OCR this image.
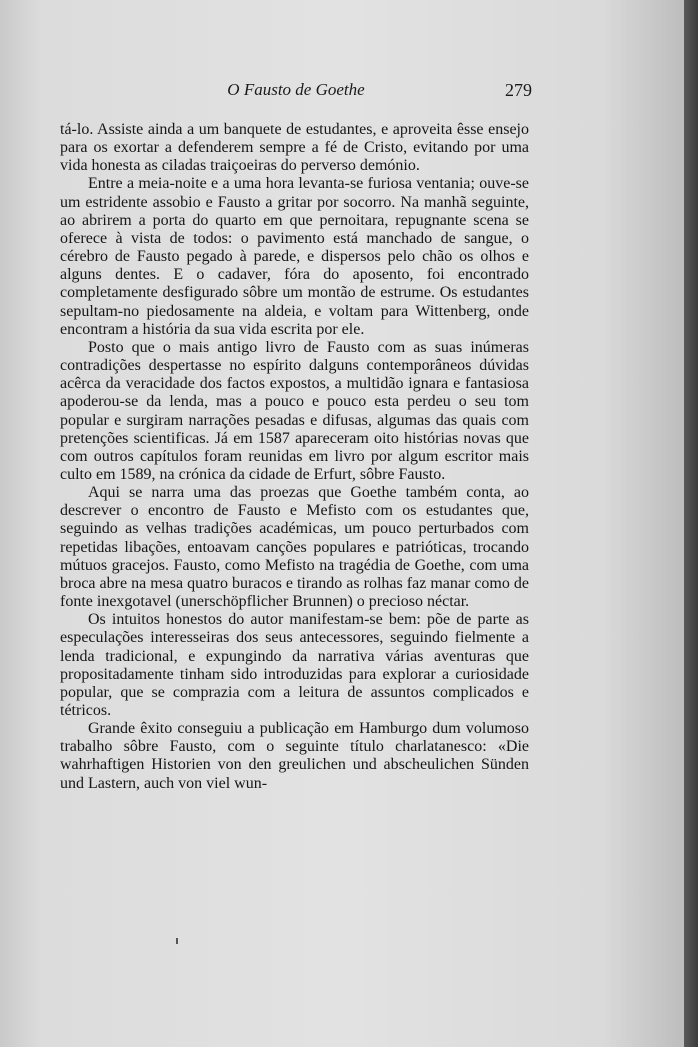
O Fausto de Goethe	279

tá-lo. Assiste ainda a um banquete de estudantes, e aproveita êsse ensejo para os exortar a defenderem sempre a fé de Cristo, evitando por uma vida honesta as ciladas traiçoeiras do perverso demónio.

Entre a meia-noite e a uma hora levanta-se furiosa ventania; ouve-se um estridente assobio e Fausto a gritar por socorro. Na manhã seguinte, ao abrirem a porta do quarto em que pernoitara, repugnante scena se oferece à vista de todos: o pavimento está manchado de sangue, o cérebro de Fausto pegado à parede, e dispersos pelo chão os olhos e alguns dentes. E o cadaver, fóra do aposento, foi encontrado completamente desfigurado sôbre um montão de estrume. Os estudantes sepultam-no piedosamente na aldeia, e voltam para Wittenberg, onde encontram a história da sua vida escrita por ele.

Posto que o mais antigo livro de Fausto com as suas inúmeras contradições despertasse no espírito dalguns contemporâneos dúvidas acêrca da veracidade dos factos expostos, a multidão ignara e fantasiosa apoderou-se da lenda, mas a pouco e pouco esta perdeu o seu tom popular e surgiram narrações pesadas e difusas, algumas das quais com pretenções scientificas. Já em 1587 apareceram oito histórias novas que com outros capítulos foram reunidas em livro por algum escritor mais culto em 1589, na crónica da cidade de Erfurt, sôbre Fausto.

Aqui se narra uma das proezas que Goethe também conta, ao descrever o encontro de Fausto e Mefisto com os estudantes que, seguindo as velhas tradições académicas, um pouco perturbados com repetidas libações, entoavam canções populares e patrióticas, trocando mútuos gracejos. Fausto, como Mefisto na tragédia de Goethe, com uma broca abre na mesa quatro buracos e tirando as rolhas faz manar como de fonte inexgotavel (unerschöpflicher Brunnen) o precioso néctar.

Os intuitos honestos do autor manifestam-se bem: põe de parte as especulações interesseiras dos seus antecessores, seguindo fielmente a lenda tradicional, e expungindo da narrativa várias aventuras que propositadamente tinham sido introduzidas para explorar a curiosidade popular, que se comprazia com a leitura de assuntos complicados e tétricos.

Grande êxito conseguiu a publicação em Hamburgo dum volumoso trabalho sôbre Fausto, com o seguinte título charlatanesco: «Die wahrhaftigen Historien von den greulichen und abscheulichen Sünden und Lastern, auch von viel wun-
